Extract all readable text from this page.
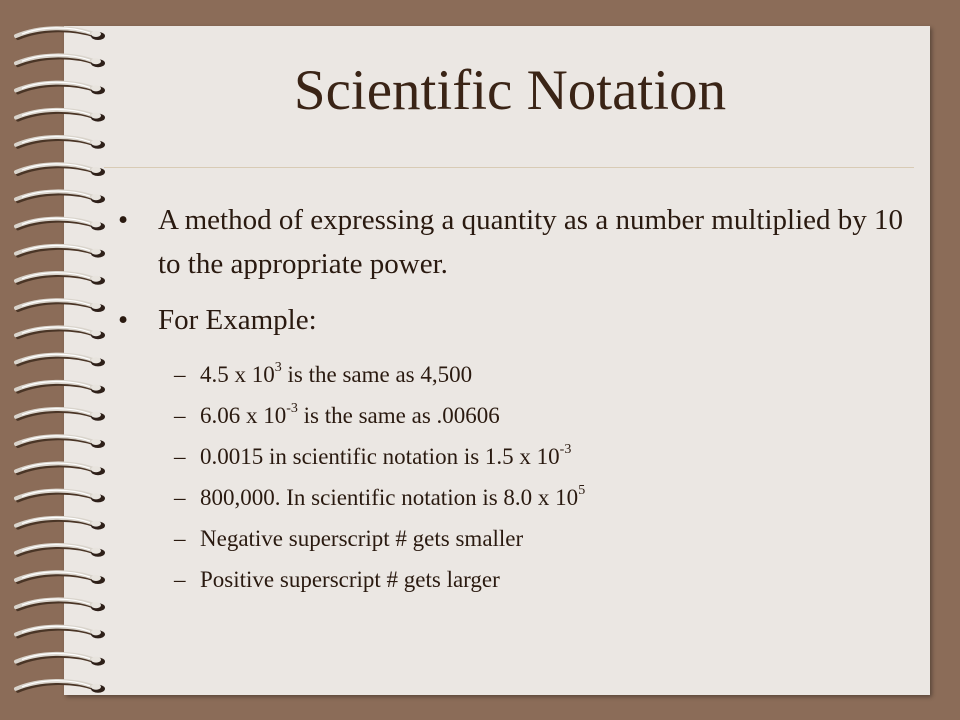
Scientific Notation
• A method of expressing a quantity as a number multiplied by 10 to the appropriate power.
• For Example:
– 4.5 x $10^3$ is the same as 4,500
– 6.06 x $10^{-3}$ is the same as .00606
– 0.0015 in scientific notation is 1.5 x $10^{-3}$
– 800,000. In scientific notation is 8.0 x $10^5$
– Negative superscript # gets smaller
– Positive superscript # gets larger
